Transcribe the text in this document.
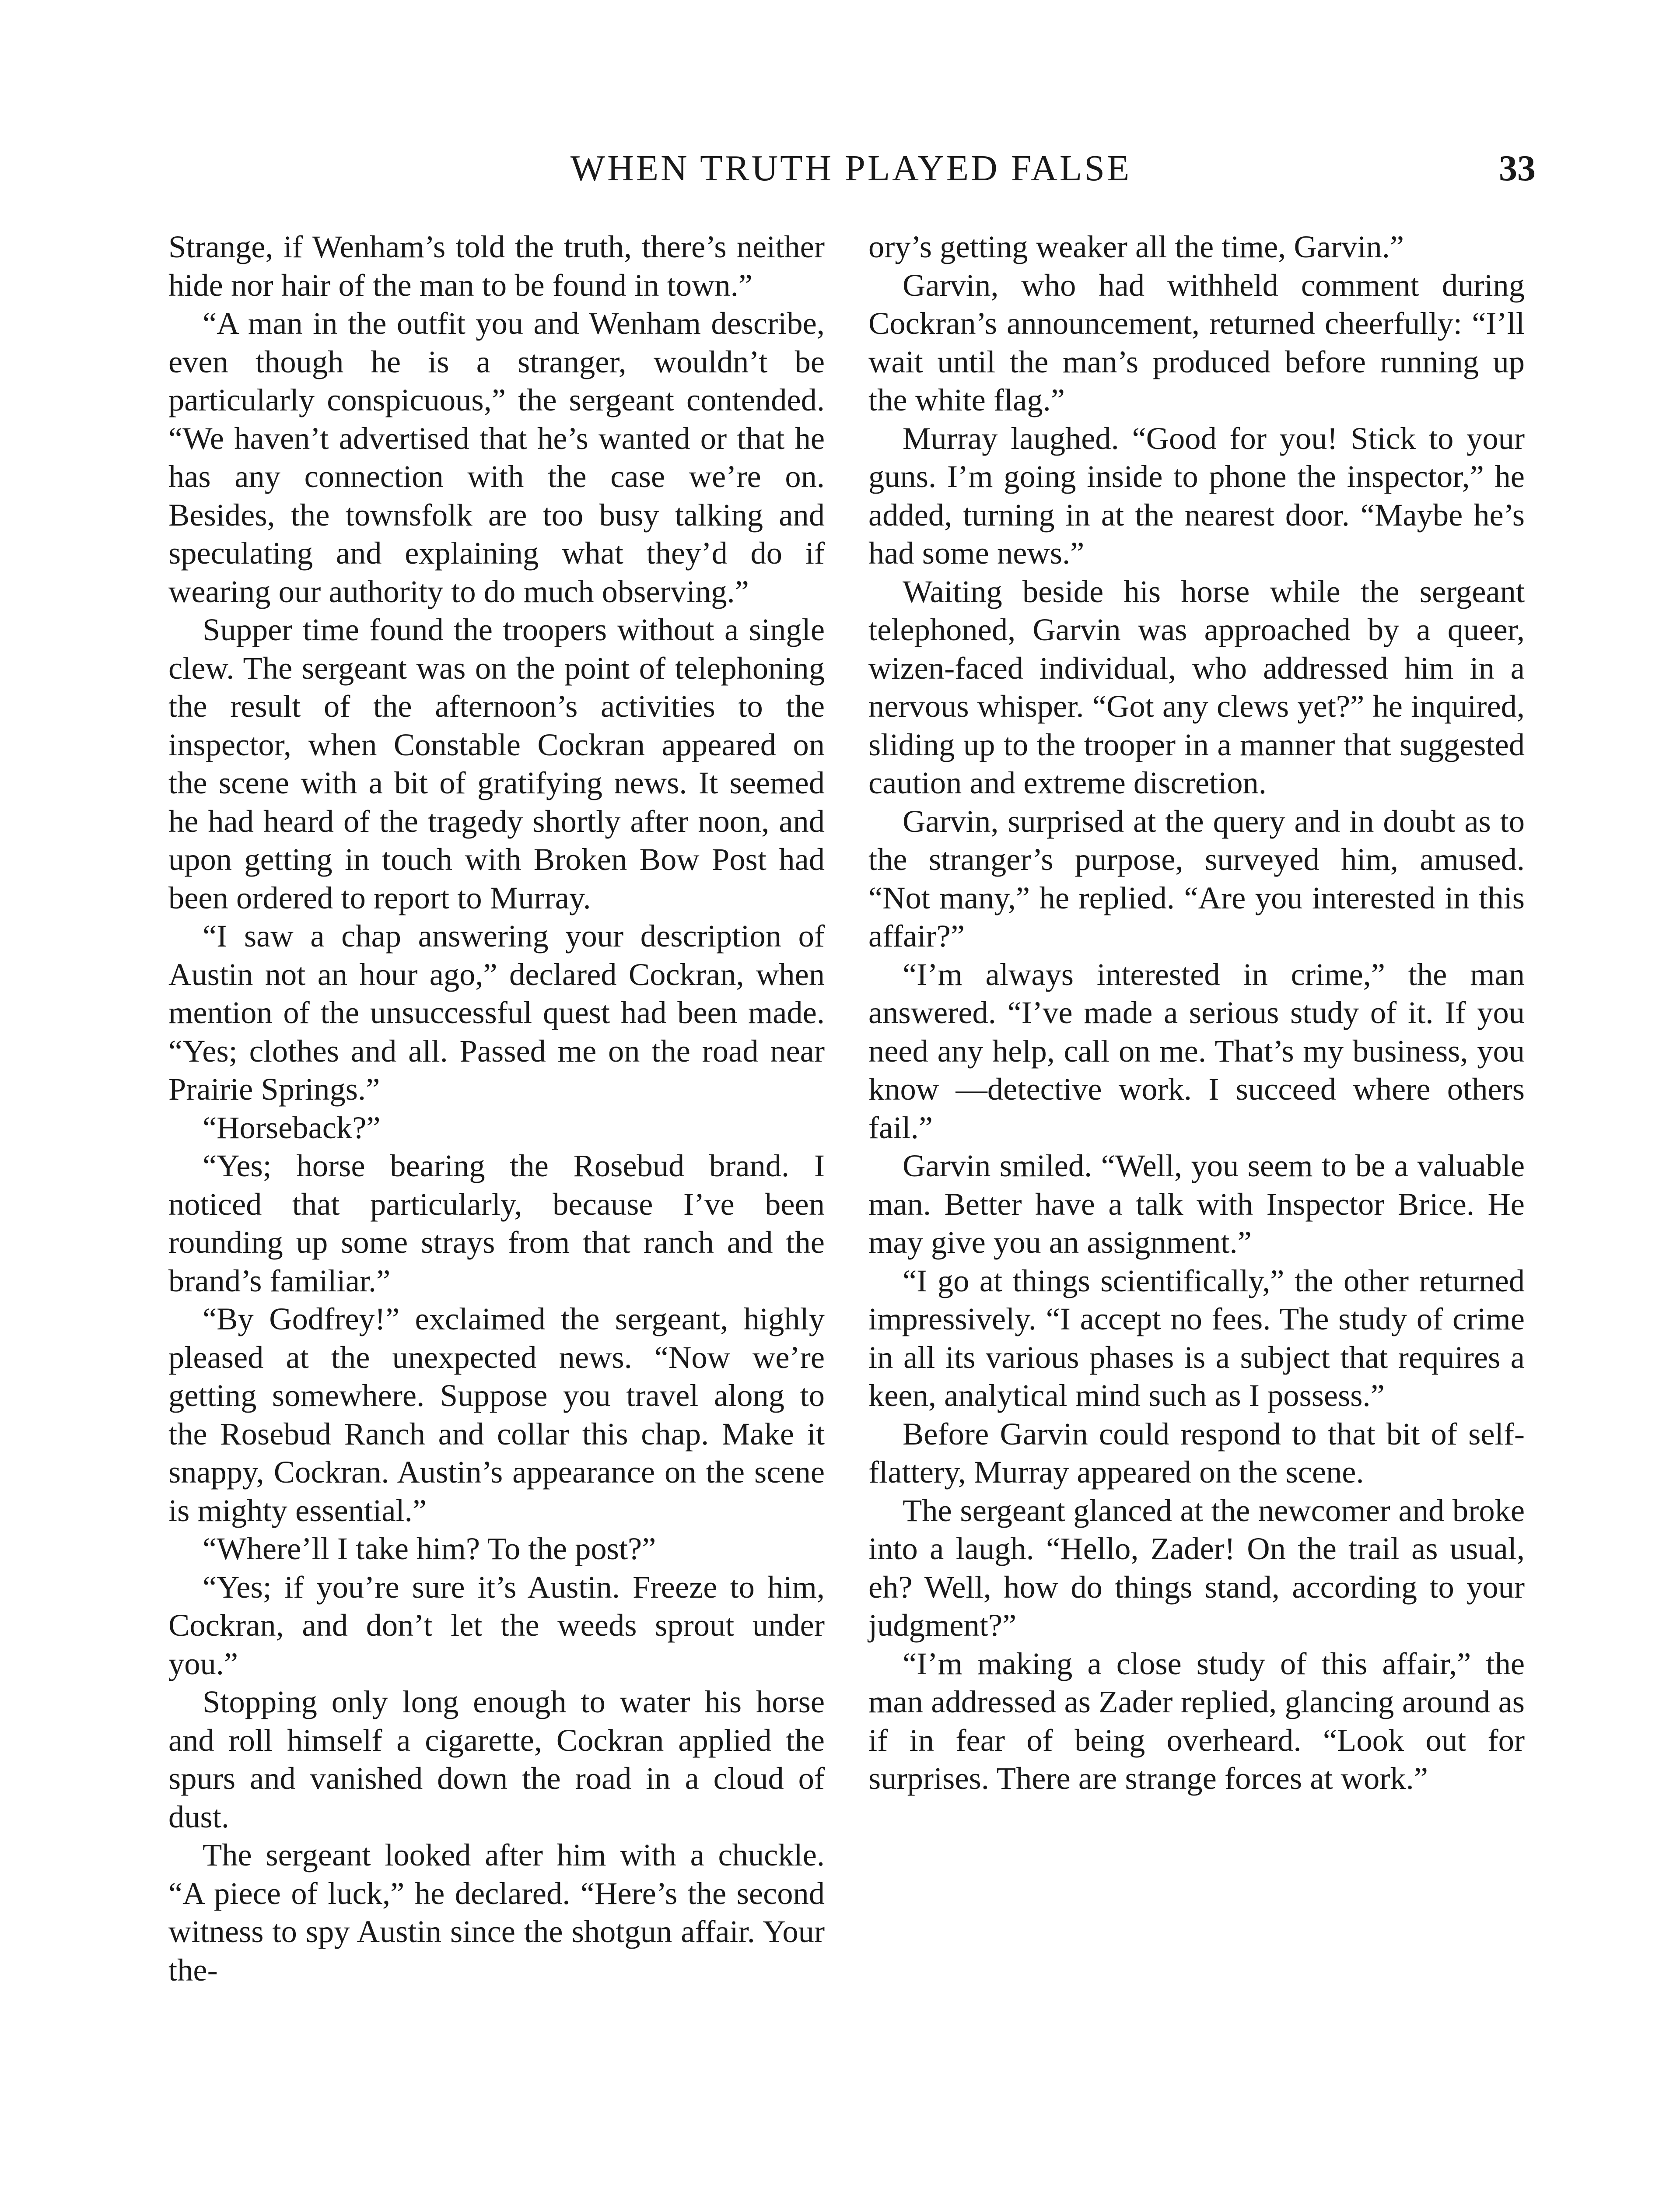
WHEN TRUTH PLAYED FALSE	33

Strange, if Wenham’s told the truth, there’s neither hide nor hair of the man to be found in town.”

“A man in the outfit you and Wenham describe, even though he is a stranger, wouldn’t be particularly conspicuous,” the sergeant contended. “We haven’t advertised that he’s wanted or that he has any connection with the case we’re on. Besides, the townsfolk are too busy talking and speculating and explaining what they’d do if wearing our authority to do much observing.”

Supper time found the troopers without a single clew. The sergeant was on the point of telephoning the result of the afternoon’s activities to the inspector, when Constable Cockran appeared on the scene with a bit of gratifying news. It seemed he had heard of the tragedy shortly after noon, and upon getting in touch with Broken Bow Post had been ordered to report to Murray.

“I saw a chap answering your description of Austin not an hour ago,” declared Cockran, when mention of the unsuccessful quest had been made. “Yes; clothes and all. Passed me on the road near Prairie Springs.”

“Horseback?”

“Yes; horse bearing the Rosebud brand. I noticed that particularly, because I’ve been rounding up some strays from that ranch and the brand’s familiar.”

“By Godfrey!” exclaimed the sergeant, highly pleased at the unexpected news. “Now we’re getting somewhere. Suppose you travel along to the Rosebud Ranch and collar this chap. Make it snappy, Cockran. Austin’s appearance on the scene is mighty essential.”

“Where’ll I take him? To the post?”

“Yes; if you’re sure it’s Austin. Freeze to him, Cockran, and don’t let the weeds sprout under you.”

Stopping only long enough to water his horse and roll himself a cigarette, Cockran applied the spurs and vanished down the road in a cloud of dust.

The sergeant looked after him with a chuckle. “A piece of luck,” he declared. “Here’s the second witness to spy Austin since the shotgun affair. Your the-

ory’s getting weaker all the time, Garvin.”

Garvin, who had withheld comment during Cockran’s announcement, returned cheerfully: “I’ll wait until the man’s produced before running up the white flag.”

Murray laughed. “Good for you! Stick to your guns. I’m going inside to phone the inspector,” he added, turning in at the nearest door. “Maybe he’s had some news.”

Waiting beside his horse while the sergeant telephoned, Garvin was approached by a queer, wizen-faced individual, who addressed him in a nervous whisper. “Got any clews yet?” he inquired, sliding up to the trooper in a manner that suggested caution and extreme discretion.

Garvin, surprised at the query and in doubt as to the stranger’s purpose, surveyed him, amused. “Not many,” he replied. “Are you interested in this affair?”

“I’m always interested in crime,” the man answered. “I’ve made a serious study of it. If you need any help, call on me. That’s my business, you know —detective work. I succeed where others fail.”

Garvin smiled. “Well, you seem to be a valuable man. Better have a talk with Inspector Brice. He may give you an assignment.”

“I go at things scientifically,” the other returned impressively. “I accept no fees. The study of crime in all its various phases is a subject that requires a keen, analytical mind such as I possess.”

Before Garvin could respond to that bit of self-flattery, Murray appeared on the scene.

The sergeant glanced at the newcomer and broke into a laugh. “Hello, Zader! On the trail as usual, eh? Well, how do things stand, according to your judgment?”

“I’m making a close study of this affair,” the man addressed as Zader replied, glancing around as if in fear of being overheard. “Look out for surprises. There are strange forces at work.”
